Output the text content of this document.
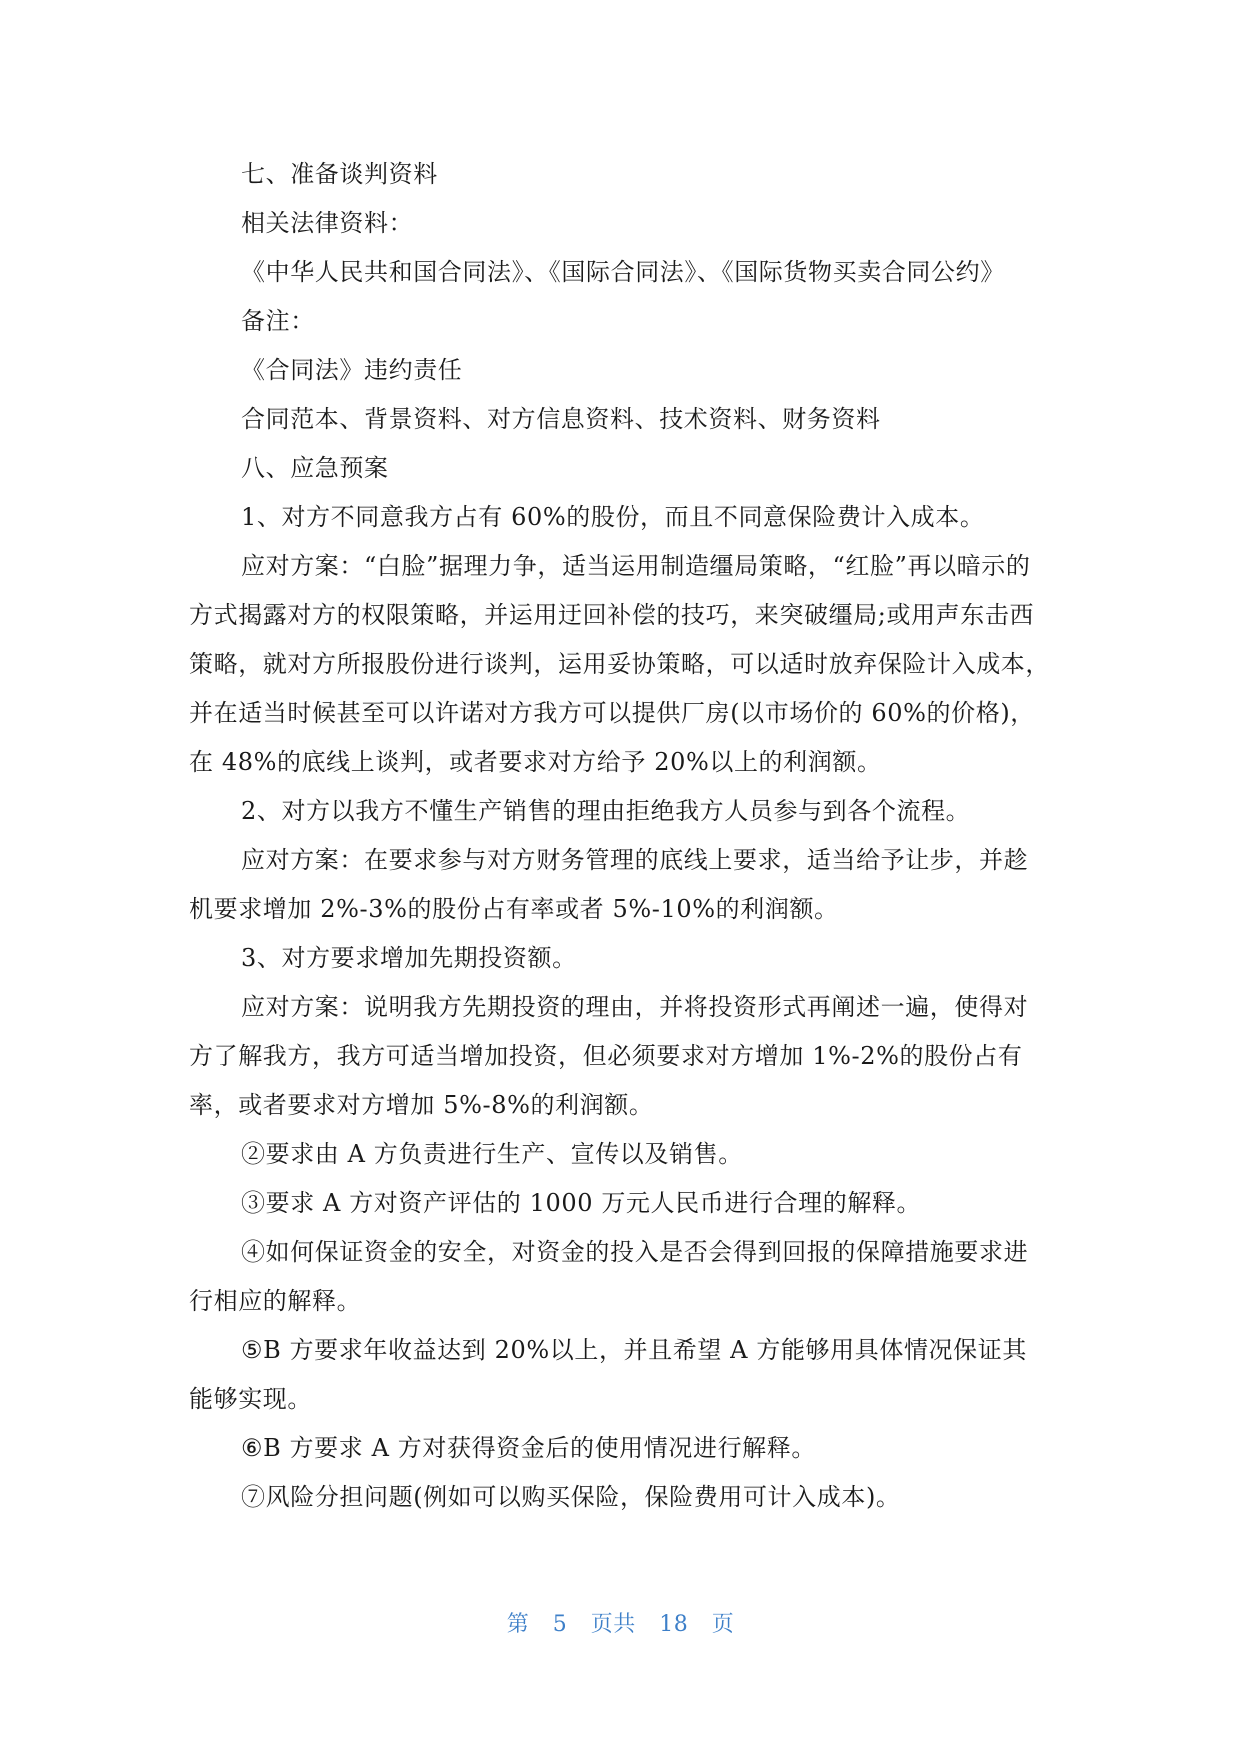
七、准备谈判资料

相关法律资料：

《中华人民共和国合同法》、《国际合同法》、《国际货物买卖合同公约》

备注：

《合同法》违约责任

合同范本、背景资料、对方信息资料、技术资料、财务资料

八、应急预案

1、对方不同意我方占有 60%的股份，而且不同意保险费计入成本。

应对方案：“白脸”据理力争，适当运用制造缰局策略，“红脸”再以暗示的方式揭露对方的权限策略，并运用迂回补偿的技巧，来突破缰局;或用声东击西策略，就对方所报股份进行谈判，运用妥协策略，可以适时放弃保险计入成本，并在适当时候甚至可以许诺对方我方可以提供厂房(以市场价的 60%的价格)，在 48%的底线上谈判，或者要求对方给予 20%以上的利润额。

2、对方以我方不懂生产销售的理由拒绝我方人员参与到各个流程。

应对方案：在要求参与对方财务管理的底线上要求，适当给予让步，并趁机要求增加 2%-3%的股份占有率或者 5%-10%的利润额。

3、对方要求增加先期投资额。

应对方案：说明我方先期投资的理由，并将投资形式再阐述一遍，使得对方了解我方，我方可适当增加投资，但必须要求对方增加 1%-2%的股份占有率，或者要求对方增加 5%-8%的利润额。

②要求由 A 方负责进行生产、宣传以及销售。

③要求 A 方对资产评估的 1000 万元人民币进行合理的解释。

④如何保证资金的安全，对资金的投入是否会得到回报的保障措施要求进行相应的解释。

⑤B 方要求年收益达到 20%以上，并且希望 A 方能够用具体情况保证其能够实现。

⑥B 方要求 A 方对获得资金后的使用情况进行解释。

⑦风险分担问题(例如可以购买保险，保险费用可计入成本)。

第 5 页共 18 页
